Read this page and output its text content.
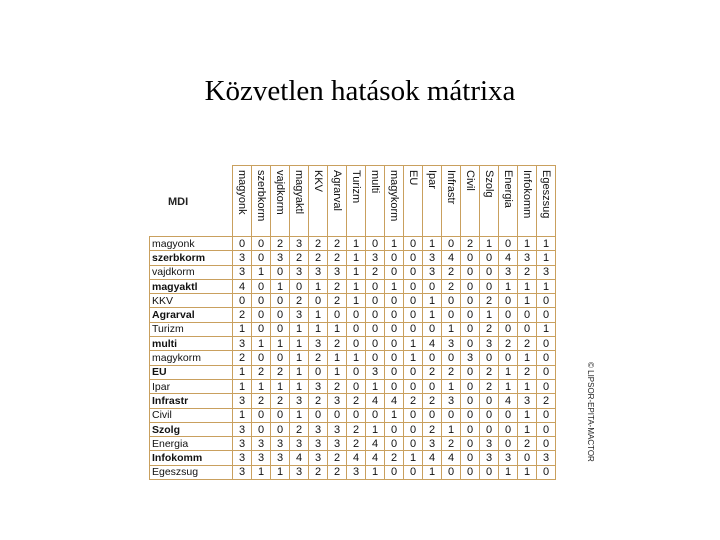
Közvetlen hatások mátrixa
MDI

	magyonk	szerbkorm	vajdkorm	magyaktl	KKV	Agrarval	Turizm	multi	magykorm	EU	Ipar	Infrastr	Civil	Szolg	Energia	Infokomm	Egeszsug

magyonk	0	0	2	3	2	2	1	0	1	0	1	0	2	1	0	1	1
szerbkorm	3	0	3	2	2	2	1	3	0	0	3	4	0	0	4	3	1
vajdkorm	3	1	0	3	3	3	1	2	0	0	3	2	0	0	3	2	3
magyaktl	4	0	1	0	1	2	1	0	1	0	0	2	0	0	1	1	1
KKV	0	0	0	2	0	2	1	0	0	0	1	0	0	2	0	1	0
Agrarval	2	0	0	3	1	0	0	0	0	0	1	0	0	1	0	0	0
Turizm	1	0	0	1	1	1	0	0	0	0	0	1	0	2	0	0	1
multi	3	1	1	1	3	2	0	0	0	1	4	3	0	3	2	2	0
magykorm	2	0	0	1	2	1	1	0	0	1	0	0	3	0	0	1	0
EU	1	2	2	1	0	1	0	3	0	0	2	2	0	2	1	2	0
Ipar	1	1	1	1	3	2	0	1	0	0	0	1	0	2	1	1	0
Infrastr	3	2	2	3	2	3	2	4	4	2	2	3	0	0	4	3	2
Civil	1	0	0	1	0	0	0	0	1	0	0	0	0	0	0	1	0
Szolg	3	0	0	2	3	3	2	1	0	0	2	1	0	0	0	1	0
Energia	3	3	3	3	3	3	2	4	0	0	3	2	0	3	0	2	0
Infokomm	3	3	3	4	3	2	4	4	2	1	4	4	0	3	3	0	3
Egeszsug	3	1	1	3	2	2	3	1	0	0	1	0	0	0	1	1	0
© LIPSOR-EPITA-MACTOR
